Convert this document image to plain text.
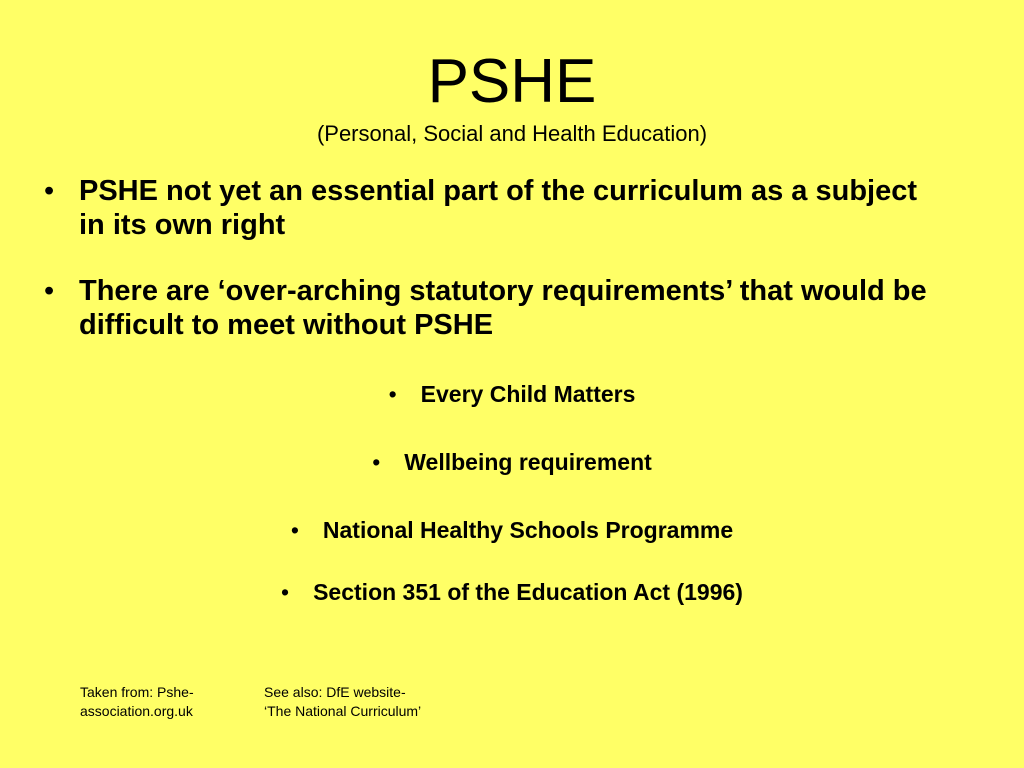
PSHE
(Personal, Social and Health Education)
• PSHE not yet an essential part of the curriculum as a subject in its own right
• There are ‘over-arching statutory requirements’ that would be difficult to meet without PSHE
• Every Child Matters
• Wellbeing requirement
• National Healthy Schools Programme
• Section 351 of the Education Act (1996)
Taken from: Pshe-
association.org.uk
See also: DfE website-
‘The National Curriculum’
